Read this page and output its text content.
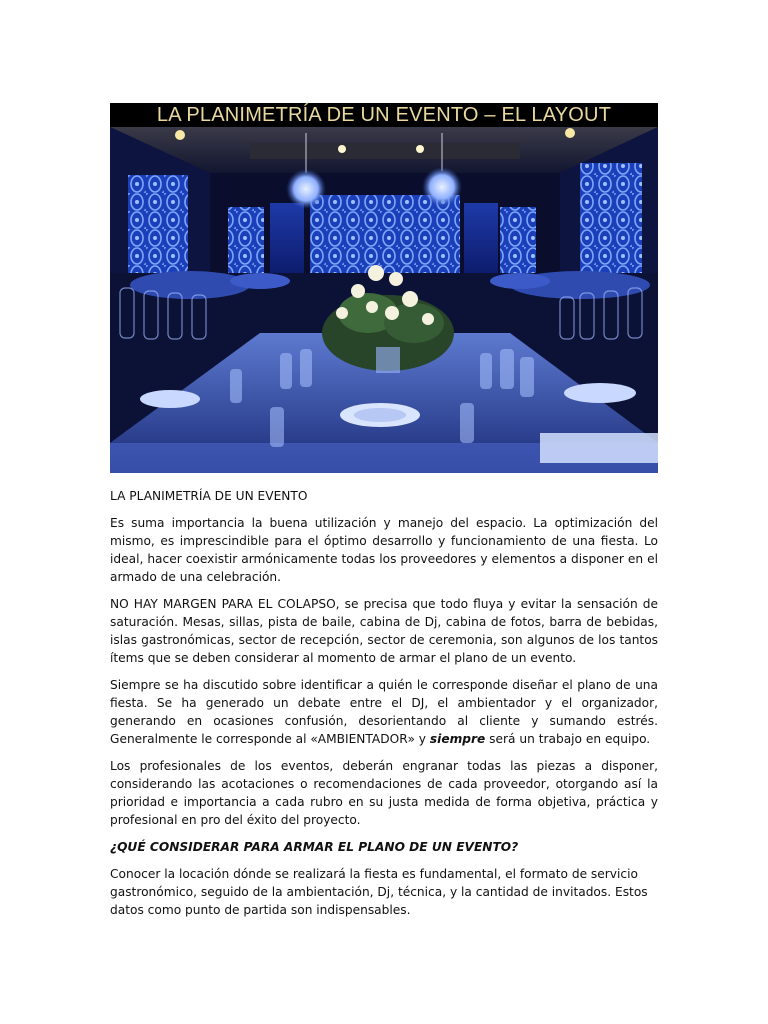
LA PLANIMETRÍA DE UN EVENTO – EL LAYOUT

LA PLANIMETRÍA DE UN EVENTO

Es suma importancia la buena utilización y manejo del espacio. La optimización del mismo, es imprescindible para el óptimo desarrollo y funcionamiento de una fiesta. Lo ideal, hacer coexistir armónicamente todas los proveedores y elementos a disponer en el armado de una celebración.

NO HAY MARGEN PARA EL COLAPSO, se precisa que todo fluya y evitar la sensación de saturación. Mesas, sillas, pista de baile, cabina de Dj, cabina de fotos, barra de bebidas, islas gastronómicas, sector de recepción, sector de ceremonia, son algunos de los tantos ítems que se deben considerar al momento de armar el plano de un evento.

Siempre se ha discutido sobre identificar a quién le corresponde diseñar el plano de una fiesta. Se ha generado un debate entre el DJ, el ambientador y el organizador, generando en ocasiones confusión, desorientando al cliente y sumando estrés. Generalmente le corresponde al «AMBIENTADOR» y siempre será un trabajo en equipo.

Los profesionales de los eventos, deberán engranar todas las piezas a disponer, considerando las acotaciones o recomendaciones de cada proveedor, otorgando así la prioridad e importancia a cada rubro en su justa medida de forma objetiva, práctica y profesional en pro del éxito del proyecto.

¿QUÉ CONSIDERAR PARA ARMAR EL PLANO DE UN EVENTO?

Conocer la locación dónde se realizará la fiesta es fundamental, el formato de servicio gastronómico, seguido de la ambientación, Dj, técnica, y la cantidad de invitados. Estos datos como punto de partida son indispensables.
